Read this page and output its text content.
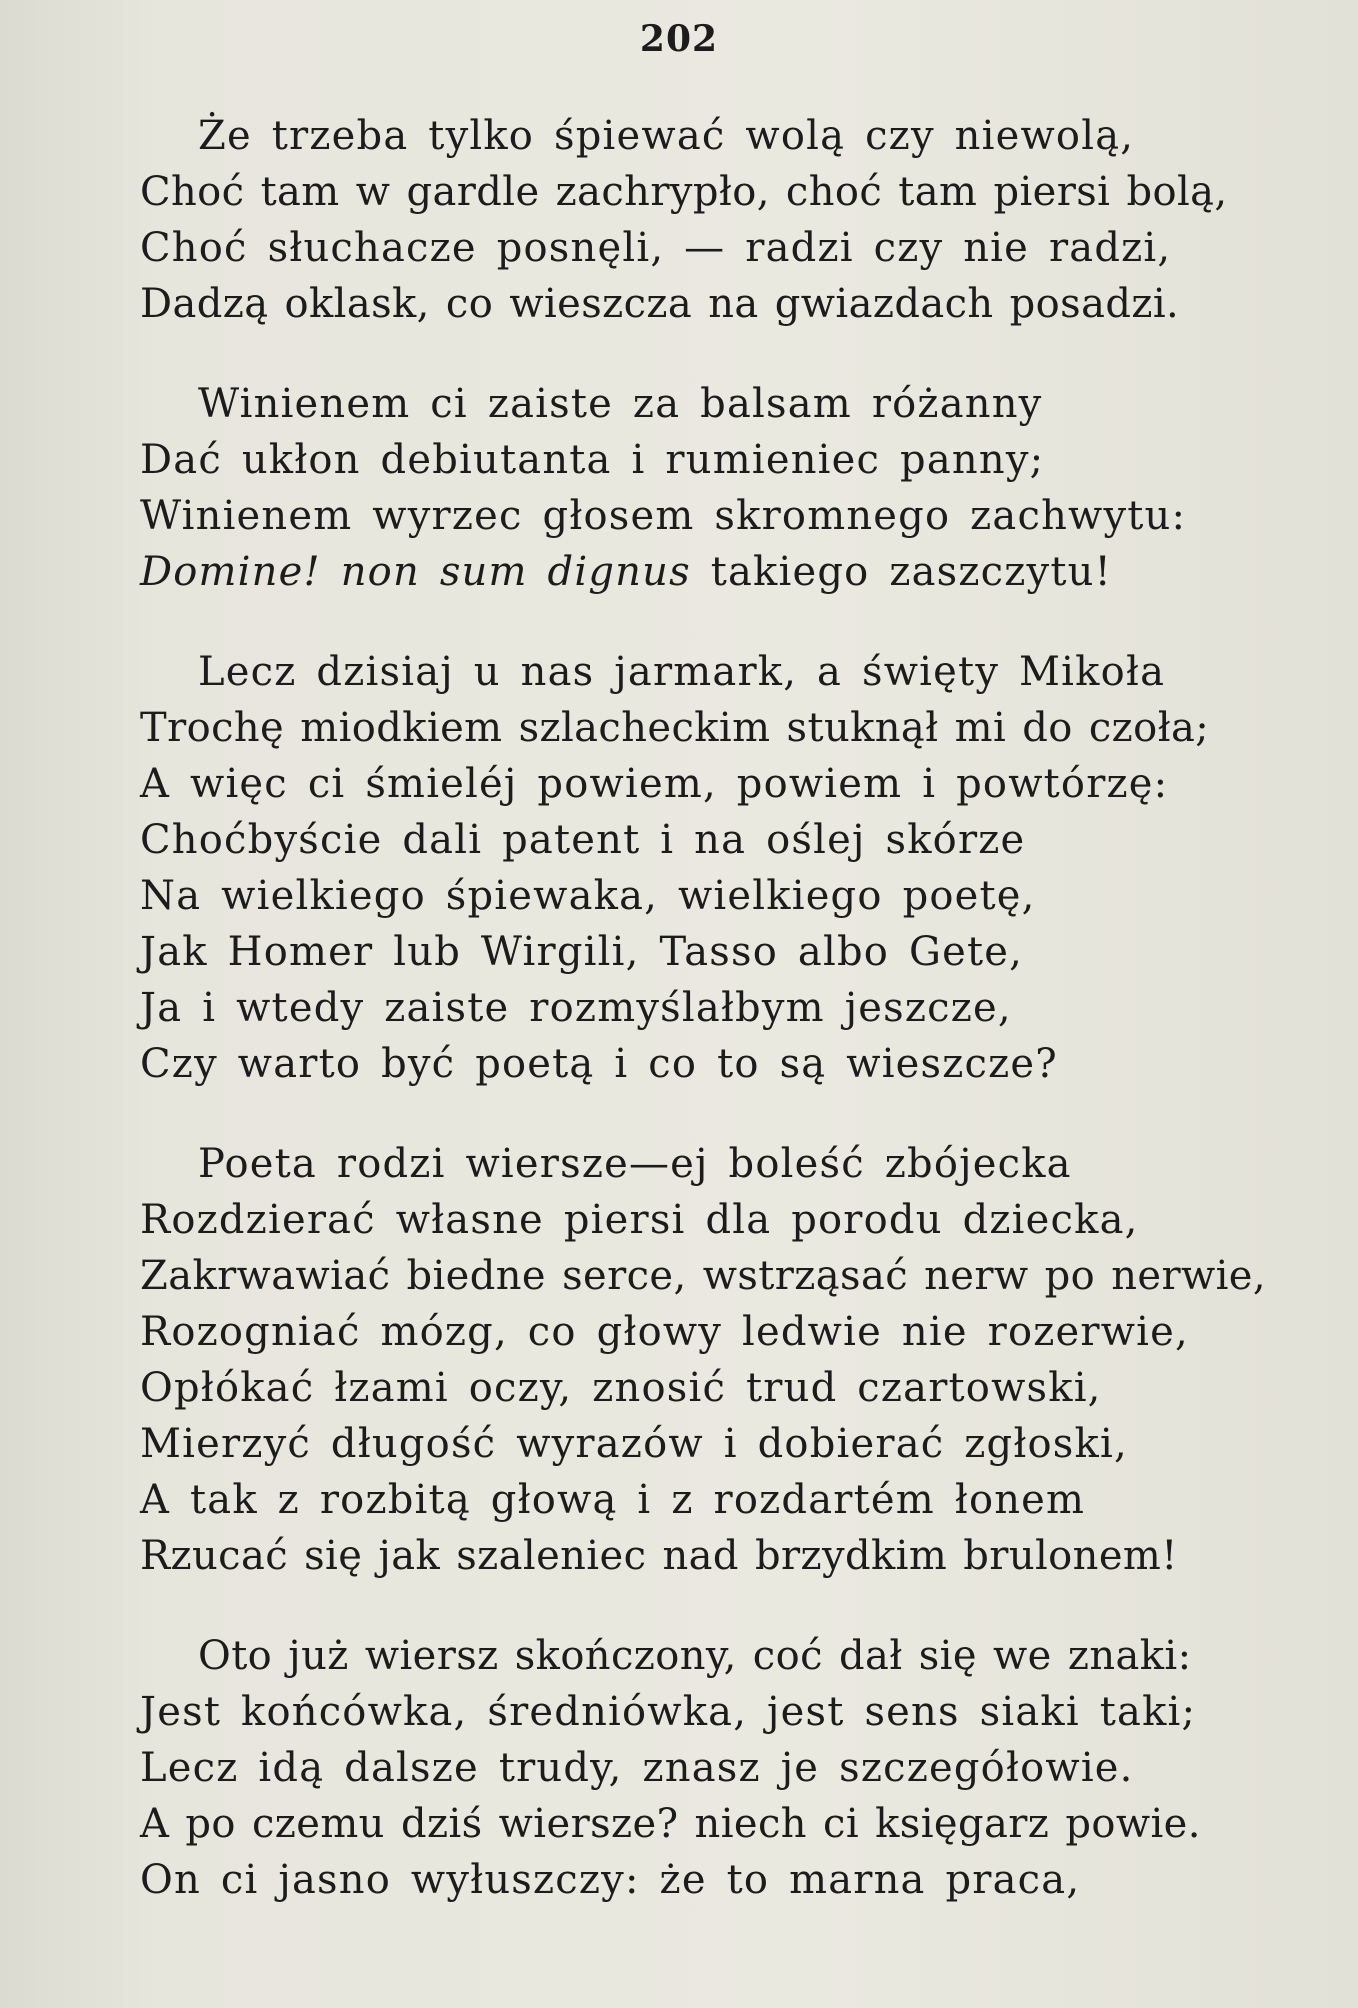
202
Że trzeba tylko śpiewać wolą czy niewolą,
Choć tam w gardle zachrypło, choć tam piersi bolą,
Choć słuchacze posnęli, — radzi czy nie radzi,
Dadzą oklask, co wieszcza na gwiazdach posadzi.
Winienem ci zaiste za balsam różanny
Dać ukłon debiutanta i rumieniec panny;
Winienem wyrzec głosem skromnego zachwytu:
Domine! non sum dignus takiego zaszczytu!
Lecz dzisiaj u nas jarmark, a święty Mikoła
Trochę miodkiem szlacheckim stuknął mi do czoła;
A więc ci śmieléj powiem, powiem i powtórzę:
Choćbyście dali patent i na oślej skórze
Na wielkiego śpiewaka, wielkiego poetę,
Jak Homer lub Wirgili, Tasso albo Gete,
Ja i wtedy zaiste rozmyślałbym jeszcze,
Czy warto być poetą i co to są wieszcze?
Poeta rodzi wiersze—ej boleść zbójecka
Rozdzierać własne piersi dla porodu dziecka,
Zakrwawiać biedne serce, wstrząsać nerw po nerwie,
Rozogniać mózg, co głowy ledwie nie rozerwie,
Opłókać łzami oczy, znosić trud czartowski,
Mierzyć długość wyrazów i dobierać zgłoski,
A tak z rozbitą głową i z rozdartém łonem
Rzucać się jak szaleniec nad brzydkim brulonem!
Oto już wiersz skończony, coć dał się we znaki:
Jest końcówka, średniówka, jest sens siaki taki;
Lecz idą dalsze trudy, znasz je szczegółowie.
A po czemu dziś wiersze? niech ci księgarz powie.
On ci jasno wyłuszczy: że to marna praca,
